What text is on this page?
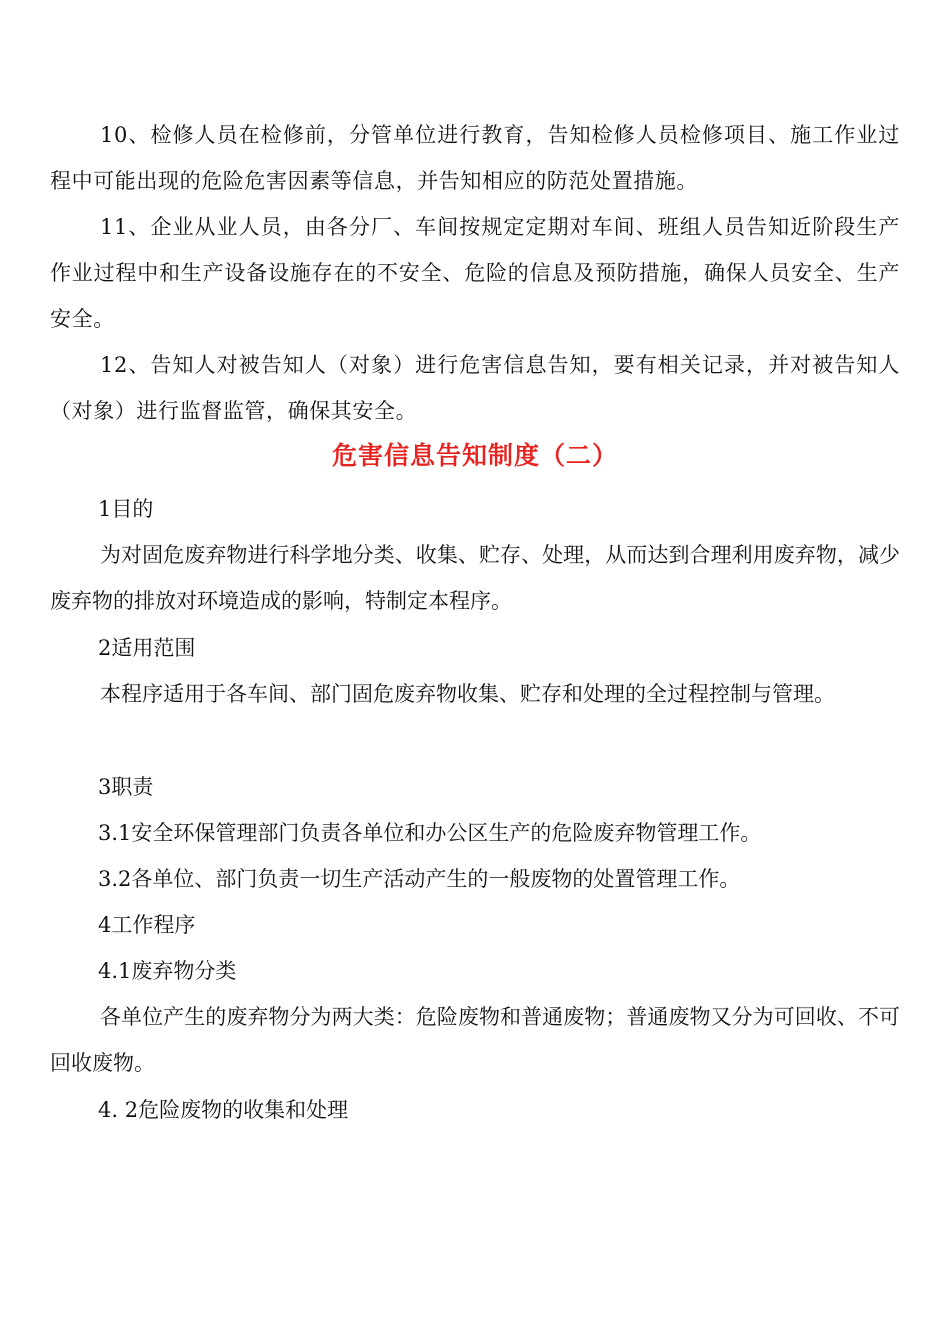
10、检修人员在检修前，分管单位进行教育，告知检修人员检修项目、施工作业过程中可能出现的危险危害因素等信息，并告知相应的防范处置措施。

11、企业从业人员，由各分厂、车间按规定定期对车间、班组人员告知近阶段生产作业过程中和生产设备设施存在的不安全、危险的信息及预防措施，确保人员安全、生产安全。

12、告知人对被告知人（对象）进行危害信息告知，要有相关记录，并对被告知人（对象）进行监督监管，确保其安全。

危害信息告知制度（二）

1目的

为对固危废弃物进行科学地分类、收集、贮存、处理，从而达到合理利用废弃物，减少废弃物的排放对环境造成的影响，特制定本程序。

2适用范围

本程序适用于各车间、部门固危废弃物收集、贮存和处理的全过程控制与管理。

3职责

3.1安全环保管理部门负责各单位和办公区生产的危险废弃物管理工作。

3.2各单位、部门负责一切生产活动产生的一般废物的处置管理工作。

4工作程序

4.1废弃物分类

各单位产生的废弃物分为两大类：危险废物和普通废物；普通废物又分为可回收、不可回收废物。

4. 2危险废物的收集和处理
